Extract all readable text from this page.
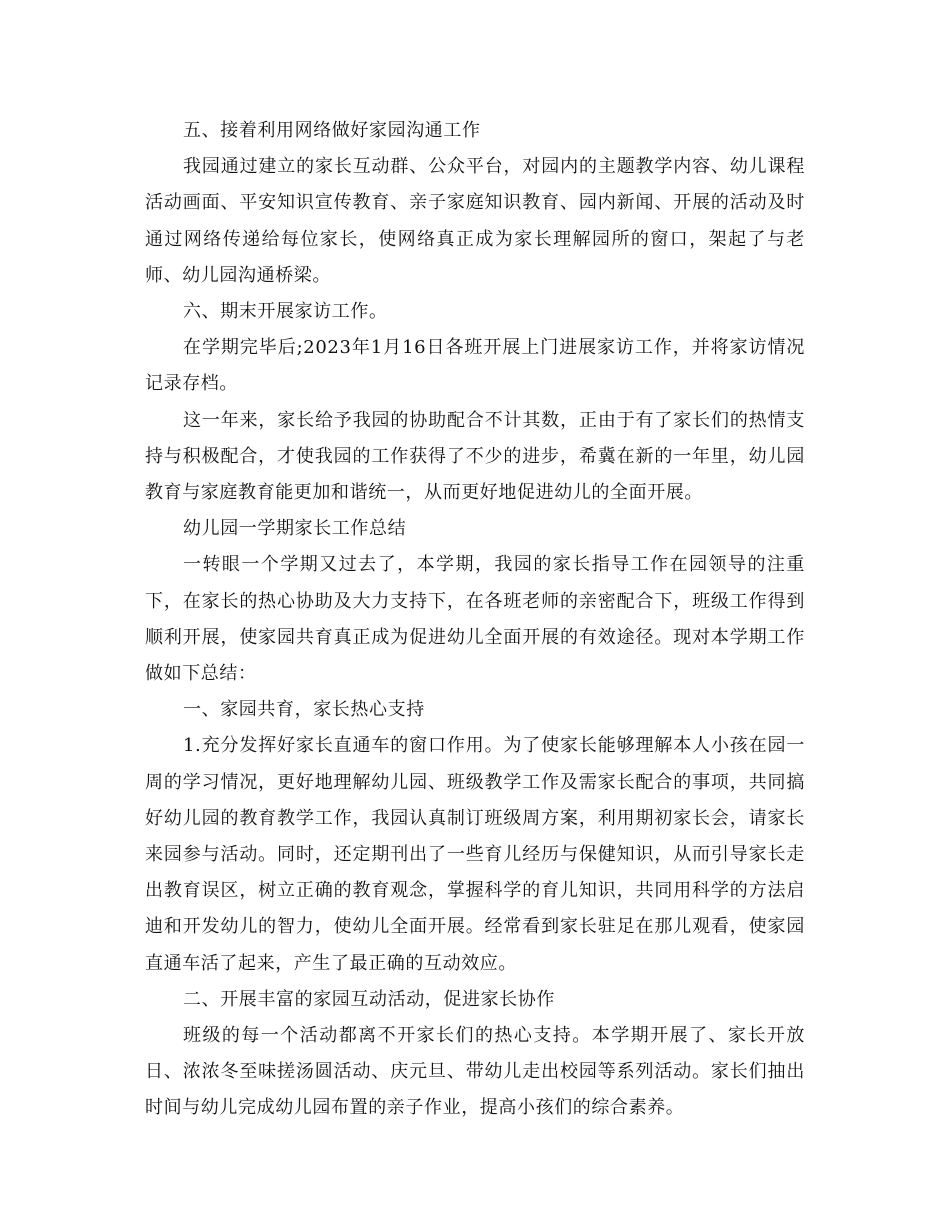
五、接着利用网络做好家园沟通工作

我园通过建立的家长互动群、公众平台，对园内的主题教学内容、幼儿课程活动画面、平安知识宣传教育、亲子家庭知识教育、园内新闻、开展的活动及时通过网络传递给每位家长，使网络真正成为家长理解园所的窗口，架起了与老师、幼儿园沟通桥梁。

六、期末开展家访工作。

在学期完毕后;2023年1月16日各班开展上门进展家访工作，并将家访情况记录存档。

这一年来，家长给予我园的协助配合不计其数，正由于有了家长们的热情支持与积极配合，才使我园的工作获得了不少的进步，希冀在新的一年里，幼儿园教育与家庭教育能更加和谐统一，从而更好地促进幼儿的全面开展。

幼儿园一学期家长工作总结

一转眼一个学期又过去了，本学期，我园的家长指导工作在园领导的注重下，在家长的热心协助及大力支持下，在各班老师的亲密配合下，班级工作得到顺利开展，使家园共育真正成为促进幼儿全面开展的有效途径。现对本学期工作做如下总结：

一、家园共育，家长热心支持

1.充分发挥好家长直通车的窗口作用。为了使家长能够理解本人小孩在园一周的学习情况，更好地理解幼儿园、班级教学工作及需家长配合的事项，共同搞好幼儿园的教育教学工作，我园认真制订班级周方案，利用期初家长会，请家长来园参与活动。同时，还定期刊出了一些育儿经历与保健知识，从而引导家长走出教育误区，树立正确的教育观念，掌握科学的育儿知识，共同用科学的方法启迪和开发幼儿的智力，使幼儿全面开展。经常看到家长驻足在那儿观看，使家园直通车活了起来，产生了最正确的互动效应。

二、开展丰富的家园互动活动，促进家长协作

班级的每一个活动都离不开家长们的热心支持。本学期开展了、家长开放日、浓浓冬至味搓汤圆活动、庆元旦、带幼儿走出校园等系列活动。家长们抽出时间与幼儿完成幼儿园布置的亲子作业，提高小孩们的综合素养。
